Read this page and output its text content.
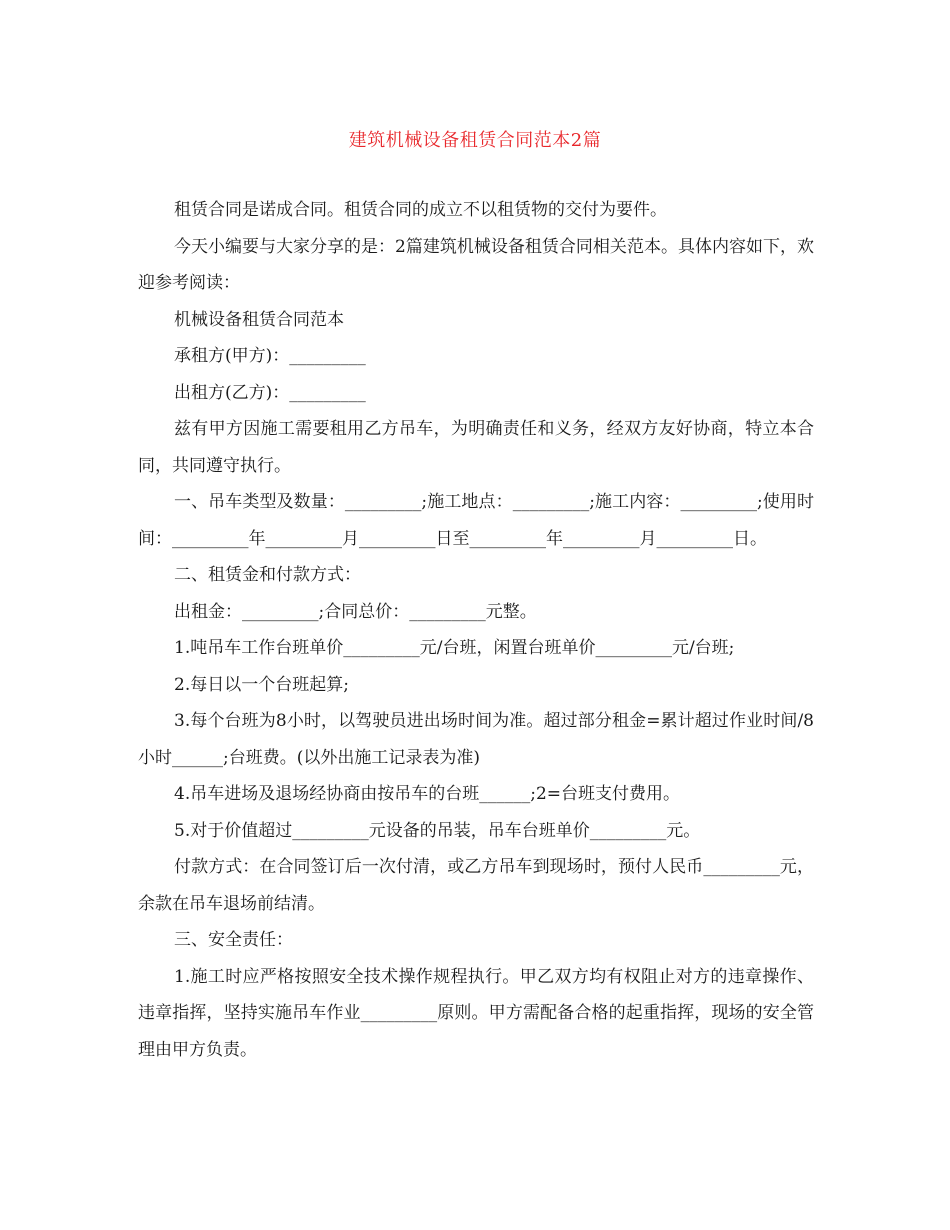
建筑机械设备租赁合同范本2篇

租赁合同是诺成合同。租赁合同的成立不以租赁物的交付为要件。

今天小编要与大家分享的是：2篇建筑机械设备租赁合同相关范本。具体内容如下，欢迎参考阅读：

机械设备租赁合同范本

承租方(甲方)：_________

出租方(乙方)：_________

兹有甲方因施工需要租用乙方吊车，为明确责任和义务，经双方友好协商，特立本合同，共同遵守执行。

一、吊车类型及数量：_________;施工地点：_________;施工内容：_________;使用时间：_________年_________月_________日至_________年_________月_________日。

二、租赁金和付款方式：

出租金：_________;合同总价：_________元整。

1.吨吊车工作台班单价_________元/台班，闲置台班单价_________元/台班;

2.每日以一个台班起算;

3.每个台班为8小时，以驾驶员进出场时间为准。超过部分租金=累计超过作业时间/8小时______;台班费。(以外出施工记录表为准)

4.吊车进场及退场经协商由按吊车的台班______;2=台班支付费用。

5.对于价值超过_________元设备的吊装，吊车台班单价_________元。

付款方式：在合同签订后一次付清，或乙方吊车到现场时，预付人民币_________元，余款在吊车退场前结清。

三、安全责任：

1.施工时应严格按照安全技术操作规程执行。甲乙双方均有权阻止对方的违章操作、违章指挥，坚持实施吊车作业_________原则。甲方需配备合格的起重指挥，现场的安全管理由甲方负责。
